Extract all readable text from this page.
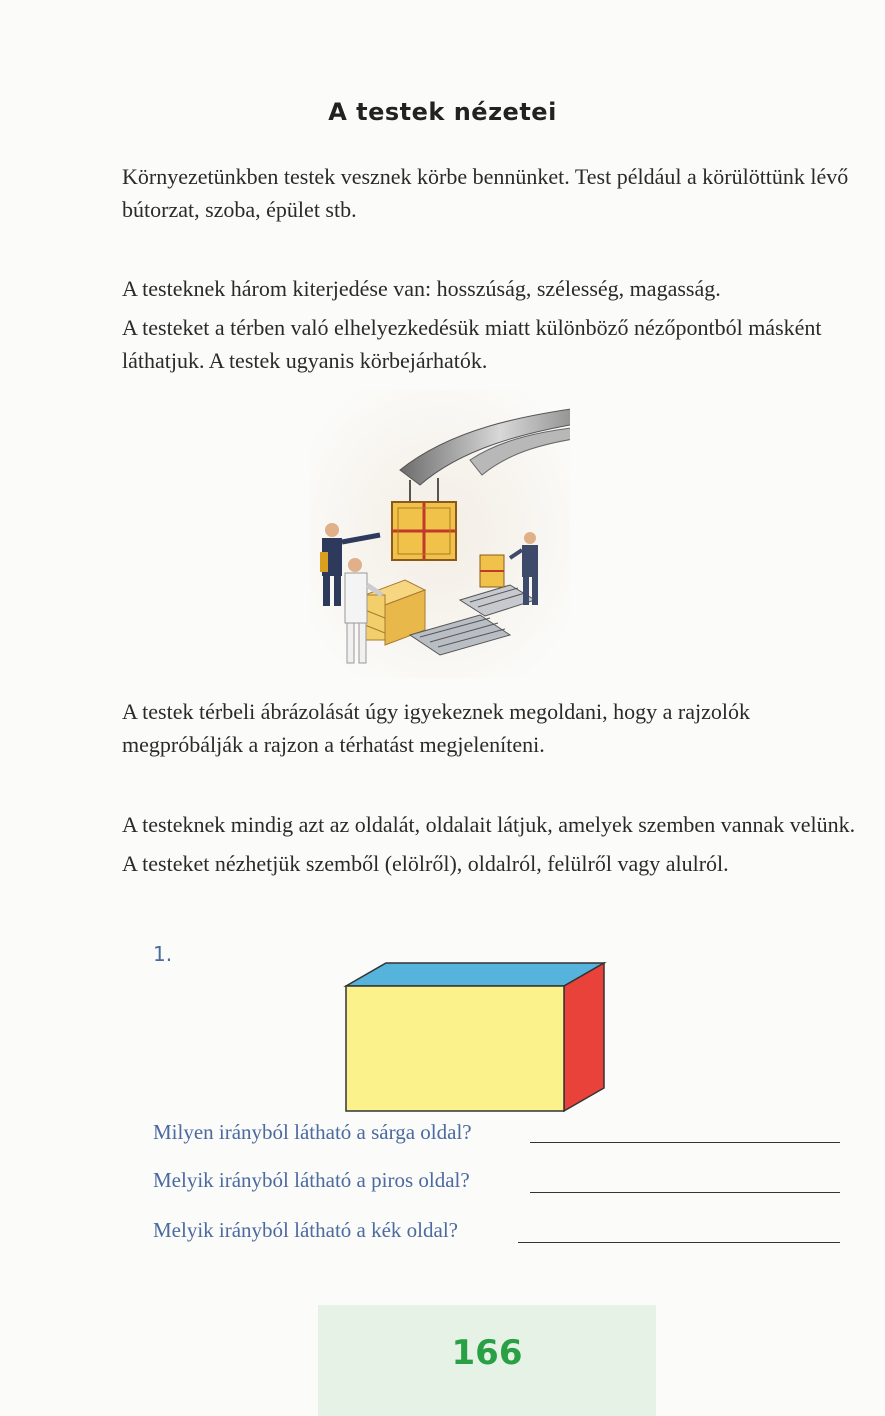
A testek nézetei

Környezetünkben testek vesznek körbe bennünket. Test például a körülöttünk lévő bútorzat, szoba, épület stb.

A testeknek három kiterjedése van: hosszúság, szélesség, magasság.

A testeket a térben való elhelyezkedésük miatt különböző nézőpontból másként láthatjuk. A testek ugyanis körbejárhatók.

A testek térbeli ábrázolását úgy igyekeznek megoldani, hogy a rajzolók megpróbálják a rajzon a térhatást megjeleníteni.

A testeknek mindig azt az oldalát, oldalait látjuk, amelyek szemben vannak velünk.

A testeket nézhetjük szemből (elölről), oldalról, felülről vagy alulról.

1.
Milyen irányból látható a sárga oldal?
Melyik irányból látható a piros oldal?
Melyik irányból látható a kék oldal?
166
